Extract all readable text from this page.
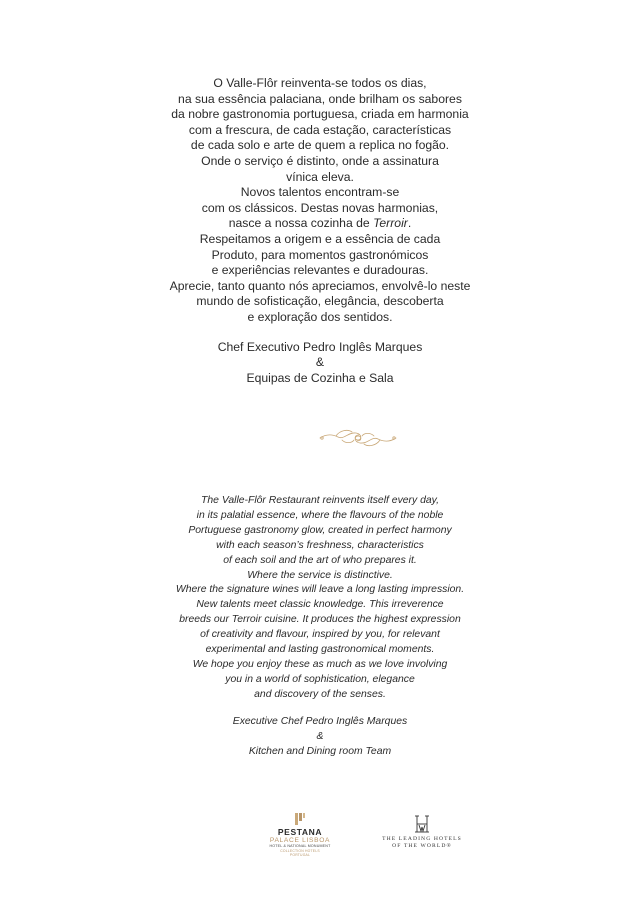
O Valle-Flôr reinventa-se todos os dias,
na sua essência palaciana, onde brilham os sabores
da nobre gastronomia portuguesa, criada em harmonia
com a frescura, de cada estação, características
de cada solo e arte de quem a replica no fogão.
Onde o serviço é distinto, onde a assinatura
vínica eleva.
Novos talentos encontram-se
com os clássicos. Destas novas harmonias,
nasce a nossa cozinha de Terroir.
Respeitamos a origem e a essência de cada
Produto, para momentos gastronómicos
e experiências relevantes e duradouras.
Aprecie, tanto quanto nós apreciamos, envolvê-lo neste
mundo de sofisticação, elegância, descoberta
e exploração dos sentidos.
Chef Executivo Pedro Inglês Marques
&
Equipas de Cozinha e Sala
The Valle-Flôr Restaurant reinvents itself every day,
in its palatial essence, where the flavours of the noble
Portuguese gastronomy glow, created in perfect harmony
with each season’s freshness, characteristics
of each soil and the art of who prepares it.
Where the service is distinctive.
Where the signature wines will leave a long lasting impression.
New talents meet classic knowledge. This irreverence
breeds our Terroir cuisine. It produces the highest expression
of creativity and flavour, inspired by you, for relevant
experimental and lasting gastronomical moments.
We hope you enjoy these as much as we love involving
you in a world of sophistication, elegance
and discovery of the senses.
Executive Chef Pedro Inglês Marques
&
Kitchen and Dining room Team
PESTANA
PALACE LISBOA
HOTEL & NATIONAL MONUMENT
COLLECTION HOTELS
PORTUGAL
THE LEADING HOTELS
OF THE WORLD®
